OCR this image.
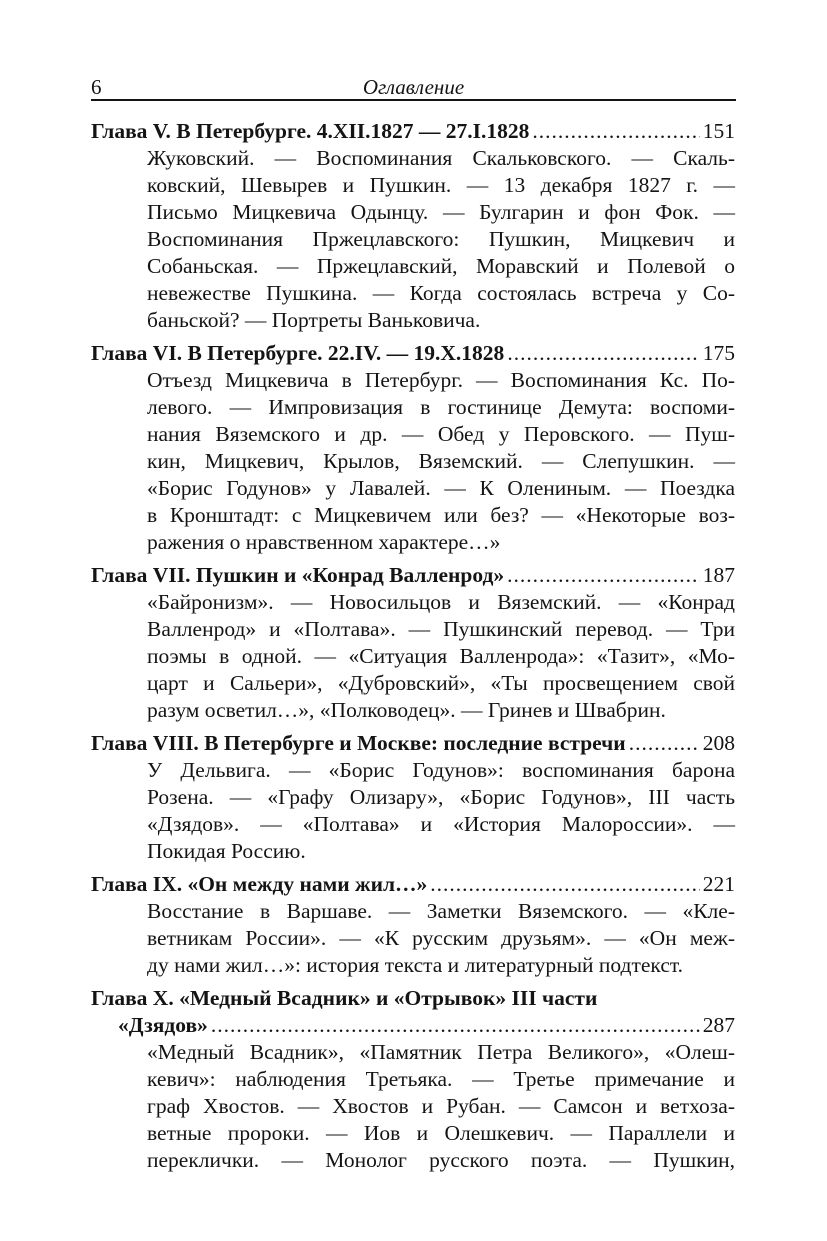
6	Оглавление
Глава V. В Петербурге. 4.XII.1827 — 27.I.1828 .....	151
Жуковский. — Воспоминания Скальковского. — Скаль-
ковский, Шевырев и Пушкин. — 13 декабря 1827 г. —
Письмо Мицкевича Одынцу. — Булгарин и фон Фок. —
Воспоминания Пржецлавского: Пушкин, Мицкевич и
Собаньская. — Пржецлавский, Моравский и Полевой о
невежестве Пушкина. — Когда состоялась встреча у Со-
баньской? — Портреты Ваньковича.
Глава VI. В Петербурге. 22.IV. — 19.X.1828 .....	175
Отъезд Мицкевича в Петербург. — Воспоминания Кс. По-
левого. — Импровизация в гостинице Демута: воспоми-
нания Вяземского и др. — Обед у Перовского. — Пуш-
кин, Мицкевич, Крылов, Вяземский. — Слепушкин. —
«Борис Годунов» у Лавалей. — К Олениным. — Поездка
в Кронштадт: с Мицкевичем или без? — «Некоторые воз-
ражения о нравственном характере…»
Глава VII. Пушкин и «Конрад Валленрод» .....	187
«Байронизм». — Новосильцов и Вяземский. — «Конрад
Валленрод» и «Полтава». — Пушкинский перевод. — Три
поэмы в одной. — «Ситуация Валленрода»: «Тазит», «Мо-
царт и Сальери», «Дубровский», «Ты просвещением свой
разум осветил…», «Полководец». — Гринев и Швабрин.
Глава VIII. В Петербурге и Москве: последние встречи .....	208
У Дельвига. — «Борис Годунов»: воспоминания барона
Розена. — «Графу Олизару», «Борис Годунов», III часть
«Дзядов». — «Полтава» и «История Малороссии». —
Покидая Россию.
Глава IX. «Он между нами жил…» .....	221
Восстание в Варшаве. — Заметки Вяземского. — «Кле-
ветникам России». — «К русским друзьям». — «Он меж-
ду нами жил…»: история текста и литературный подтекст.
Глава X. «Медный Всадник» и «Отрывок» III части
«Дзядов» .....	287
«Медный Всадник», «Памятник Петра Великого», «Олеш-
кевич»: наблюдения Третьяка. — Третье примечание и
граф Хвостов. — Хвостов и Рубан. — Самсон и ветхоза-
ветные пророки. — Иов и Олешкевич. — Параллели и
переклички. — Монолог русского поэта. — Пушкин,
